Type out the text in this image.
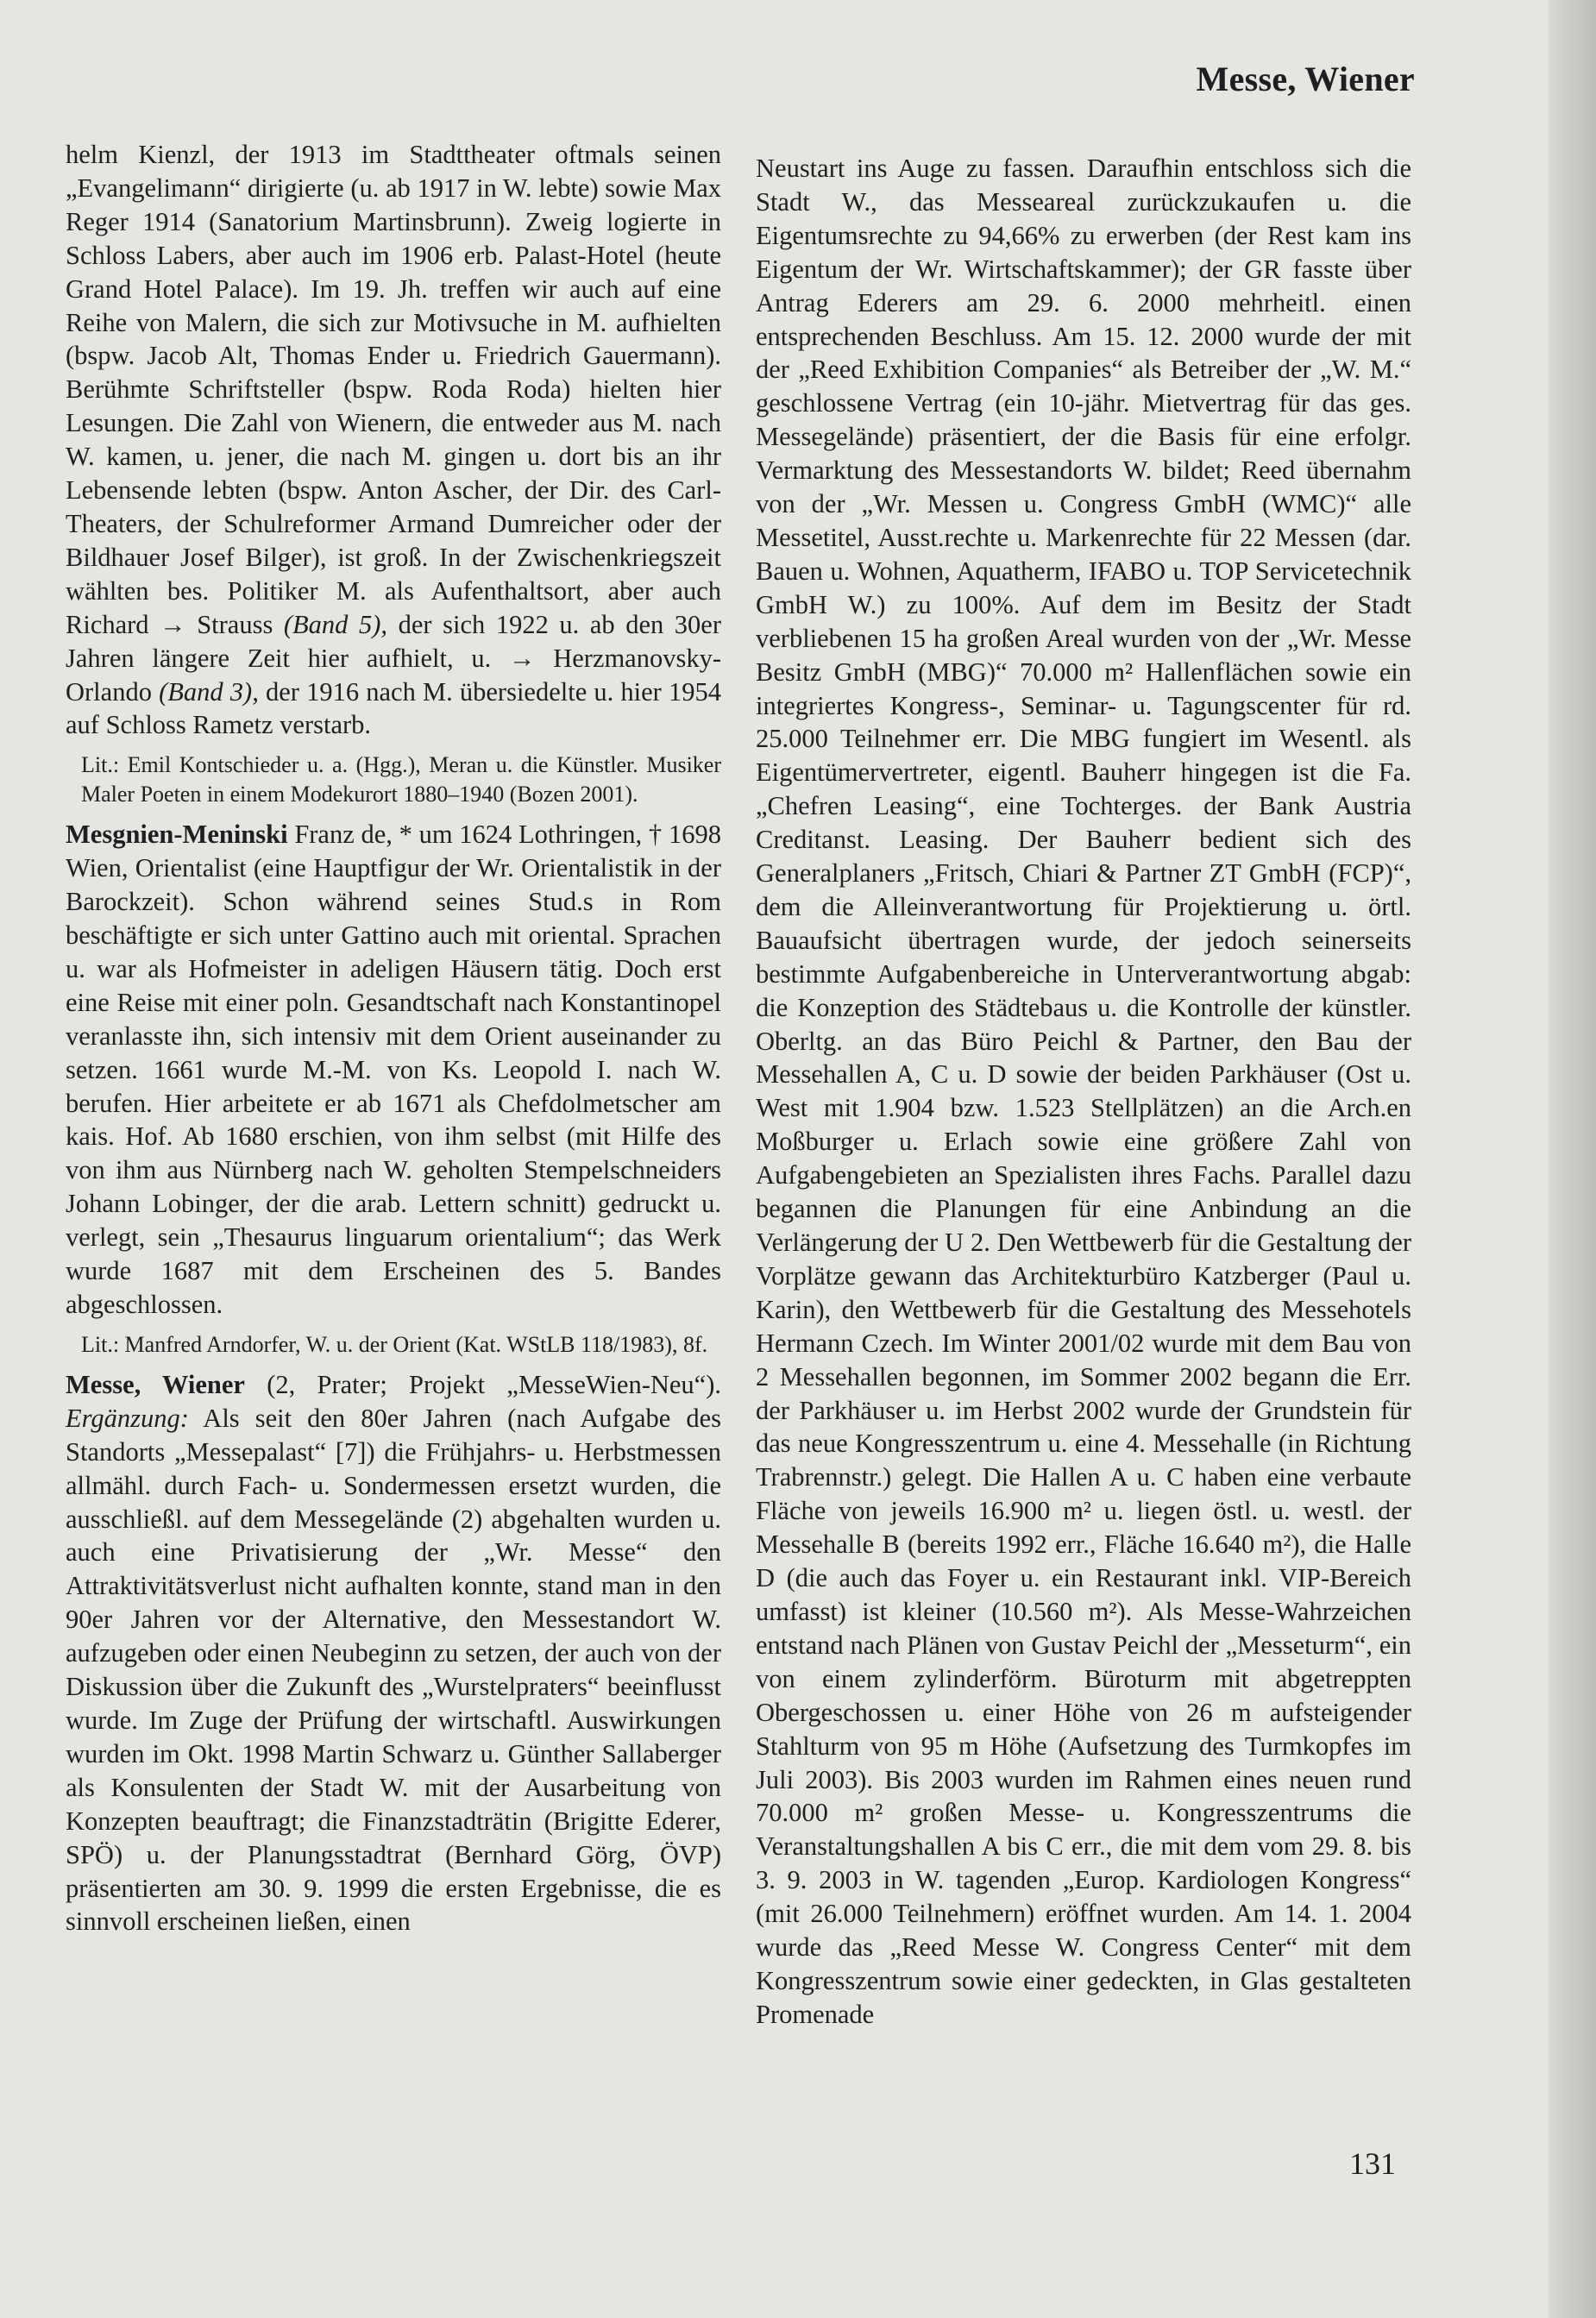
Messe, Wiener

helm Kienzl, der 1913 im Stadttheater oftmals seinen „Evangelimann“ dirigierte (u. ab 1917 in W. lebte) sowie Max Reger 1914 (Sanatorium Martinsbrunn). Zweig logierte in Schloss Labers, aber auch im 1906 erb. Palast-Hotel (heute Grand Hotel Palace). Im 19. Jh. treffen wir auch auf eine Reihe von Malern, die sich zur Motivsuche in M. aufhielten (bspw. Jacob Alt, Thomas Ender u. Friedrich Gauermann). Berühmte Schriftsteller (bspw. Roda Roda) hielten hier Lesungen. Die Zahl von Wienern, die entweder aus M. nach W. kamen, u. jener, die nach M. gingen u. dort bis an ihr Lebensende lebten (bspw. Anton Ascher, der Dir. des Carl-Theaters, der Schulreformer Armand Dumreicher oder der Bildhauer Josef Bilger), ist groß. In der Zwischenkriegszeit wählten bes. Politiker M. als Aufenthaltsort, aber auch Richard → Strauss (Band 5), der sich 1922 u. ab den 30er Jahren längere Zeit hier aufhielt, u. → Herzmanovsky-Orlando (Band 3), der 1916 nach M. übersiedelte u. hier 1954 auf Schloss Rametz verstarb.

Lit.: Emil Kontschieder u. a. (Hgg.), Meran u. die Künstler. Musiker Maler Poeten in einem Modekurort 1880–1940 (Bozen 2001).

Mesgnien-Meninski Franz de, * um 1624 Lothringen, † 1698 Wien, Orientalist (eine Hauptfigur der Wr. Orientalistik in der Barockzeit). Schon während seines Stud.s in Rom beschäftigte er sich unter Gattino auch mit oriental. Sprachen u. war als Hofmeister in adeligen Häusern tätig. Doch erst eine Reise mit einer poln. Gesandtschaft nach Konstantinopel veranlasste ihn, sich intensiv mit dem Orient auseinander zu setzen. 1661 wurde M.-M. von Ks. Leopold I. nach W. berufen. Hier arbeitete er ab 1671 als Chefdolmetscher am kais. Hof. Ab 1680 erschien, von ihm selbst (mit Hilfe des von ihm aus Nürnberg nach W. geholten Stempelschneiders Johann Lobinger, der die arab. Lettern schnitt) gedruckt u. verlegt, sein „Thesaurus linguarum orientalium“; das Werk wurde 1687 mit dem Erscheinen des 5. Bandes abgeschlossen.

Lit.: Manfred Arndorfer, W. u. der Orient (Kat. WStLB 118/1983), 8f.

Messe, Wiener (2, Prater; Projekt „MesseWien-Neu“). Ergänzung: Als seit den 80er Jahren (nach Aufgabe des Standorts „Messepalast“ [7]) die Frühjahrs- u. Herbstmessen allmähl. durch Fach- u. Sondermessen ersetzt wurden, die ausschließl. auf dem Messegelände (2) abgehalten wurden u. auch eine Privatisierung der „Wr. Messe“ den Attraktivitätsverlust nicht aufhalten konnte, stand man in den 90er Jahren vor der Alternative, den Messestandort W. aufzugeben oder einen Neubeginn zu setzen, der auch von der Diskussion über die Zukunft des „Wurstelpraters“ beeinflusst wurde. Im Zuge der Prüfung der wirtschaftl. Auswirkungen wurden im Okt. 1998 Martin Schwarz u. Günther Sallaberger als Konsulenten der Stadt W. mit der Ausarbeitung von Konzepten beauftragt; die Finanzstadträtin (Brigitte Ederer, SPÖ) u. der Planungsstadtrat (Bernhard Görg, ÖVP) präsentierten am 30. 9. 1999 die ersten Ergebnisse, die es sinnvoll erscheinen ließen, einen

Neustart ins Auge zu fassen. Daraufhin entschloss sich die Stadt W., das Messeareal zurückzukaufen u. die Eigentumsrechte zu 94,66% zu erwerben (der Rest kam ins Eigentum der Wr. Wirtschaftskammer); der GR fasste über Antrag Ederers am 29. 6. 2000 mehrheitl. einen entsprechenden Beschluss. Am 15. 12. 2000 wurde der mit der „Reed Exhibition Companies“ als Betreiber der „W. M.“ geschlossene Vertrag (ein 10-jähr. Mietvertrag für das ges. Messegelände) präsentiert, der die Basis für eine erfolgr. Vermarktung des Messestandorts W. bildet; Reed übernahm von der „Wr. Messen u. Congress GmbH (WMC)“ alle Messetitel, Ausst.rechte u. Markenrechte für 22 Messen (dar. Bauen u. Wohnen, Aquatherm, IFABO u. TOP Servicetechnik GmbH W.) zu 100%. Auf dem im Besitz der Stadt verbliebenen 15 ha großen Areal wurden von der „Wr. Messe Besitz GmbH (MBG)“ 70.000 m² Hallenflächen sowie ein integriertes Kongress-, Seminar- u. Tagungscenter für rd. 25.000 Teilnehmer err. Die MBG fungiert im Wesentl. als Eigentümervertreter, eigentl. Bauherr hingegen ist die Fa. „Chefren Leasing“, eine Tochterges. der Bank Austria Creditanst. Leasing. Der Bauherr bedient sich des Generalplaners „Fritsch, Chiari & Partner ZT GmbH (FCP)“, dem die Alleinverantwortung für Projektierung u. örtl. Bauaufsicht übertragen wurde, der jedoch seinerseits bestimmte Aufgabenbereiche in Unterverantwortung abgab: die Konzeption des Städtebaus u. die Kontrolle der künstler. Oberltg. an das Büro Peichl & Partner, den Bau der Messehallen A, C u. D sowie der beiden Parkhäuser (Ost u. West mit 1.904 bzw. 1.523 Stellplätzen) an die Arch.en Moßburger u. Erlach sowie eine größere Zahl von Aufgabengebieten an Spezialisten ihres Fachs. Parallel dazu begannen die Planungen für eine Anbindung an die Verlängerung der U 2. Den Wettbewerb für die Gestaltung der Vorplätze gewann das Architekturbüro Katzberger (Paul u. Karin), den Wettbewerb für die Gestaltung des Messehotels Hermann Czech. Im Winter 2001/02 wurde mit dem Bau von 2 Messehallen begonnen, im Sommer 2002 begann die Err. der Parkhäuser u. im Herbst 2002 wurde der Grundstein für das neue Kongresszentrum u. eine 4. Messehalle (in Richtung Trabrennstr.) gelegt. Die Hallen A u. C haben eine verbaute Fläche von jeweils 16.900 m² u. liegen östl. u. westl. der Messehalle B (bereits 1992 err., Fläche 16.640 m²), die Halle D (die auch das Foyer u. ein Restaurant inkl. VIP-Bereich umfasst) ist kleiner (10.560 m²). Als Messe-Wahrzeichen entstand nach Plänen von Gustav Peichl der „Messeturm“, ein von einem zylinderförm. Büroturm mit abgetreppten Obergeschossen u. einer Höhe von 26 m aufsteigender Stahlturm von 95 m Höhe (Aufsetzung des Turmkopfes im Juli 2003). Bis 2003 wurden im Rahmen eines neuen rund 70.000 m² großen Messe- u. Kongresszentrums die Veranstaltungshallen A bis C err., die mit dem vom 29. 8. bis 3. 9. 2003 in W. tagenden „Europ. Kardiologen Kongress“ (mit 26.000 Teilnehmern) eröffnet wurden. Am 14. 1. 2004 wurde das „Reed Messe W. Congress Center“ mit dem Kongresszentrum sowie einer gedeckten, in Glas gestalteten Promenade

131
